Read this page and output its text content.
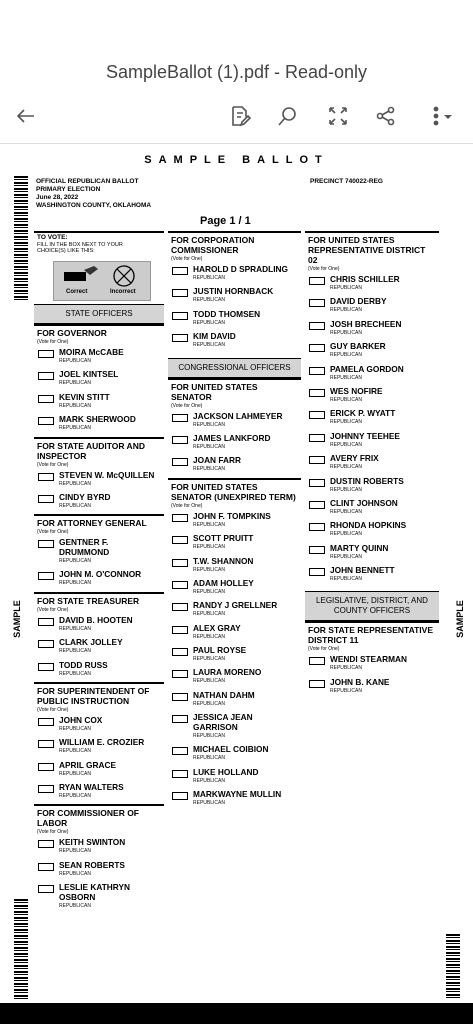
SampleBallot (1).pdf - Read-only
SAMPLE BALLOT
OFFICIAL REPUBLICAN BALLOT
PRIMARY ELECTION
June 28, 2022
WASHINGTON COUNTY, OKLAHOMA
PRECINCT 740022-REG
Page 1 / 1
SAMPLE	SAMPLE
TO VOTE:
FILL IN THE BOX NEXT TO YOUR CHOICE(S) LIKE THIS:
Correct	Incorrect
STATE OFFICERS
FOR GOVERNOR
(Vote for One)
MOIRA McCABE
REPUBLICAN
JOEL KINTSEL
REPUBLICAN
KEVIN STITT
REPUBLICAN
MARK SHERWOOD
REPUBLICAN
FOR STATE AUDITOR AND INSPECTOR
(Vote for One)
STEVEN W. McQUILLEN
REPUBLICAN
CINDY BYRD
REPUBLICAN
FOR ATTORNEY GENERAL
(Vote for One)
GENTNER F. DRUMMOND
REPUBLICAN
JOHN M. O'CONNOR
REPUBLICAN
FOR STATE TREASURER
(Vote for One)
DAVID B. HOOTEN
REPUBLICAN
CLARK JOLLEY
REPUBLICAN
TODD RUSS
REPUBLICAN
FOR SUPERINTENDENT OF PUBLIC INSTRUCTION
(Vote for One)
JOHN COX
REPUBLICAN
WILLIAM E. CROZIER
REPUBLICAN
APRIL GRACE
REPUBLICAN
RYAN WALTERS
REPUBLICAN
FOR COMMISSIONER OF LABOR
(Vote for One)
KEITH SWINTON
REPUBLICAN
SEAN ROBERTS
REPUBLICAN
LESLIE KATHRYN OSBORN
REPUBLICAN
FOR CORPORATION COMMISSIONER
(Vote for One)
HAROLD D SPRADLING
REPUBLICAN
JUSTIN HORNBACK
REPUBLICAN
TODD THOMSEN
REPUBLICAN
KIM DAVID
REPUBLICAN
CONGRESSIONAL OFFICERS
FOR UNITED STATES SENATOR
(Vote for One)
JACKSON LAHMEYER
REPUBLICAN
JAMES LANKFORD
REPUBLICAN
JOAN FARR
REPUBLICAN
FOR UNITED STATES SENATOR (UNEXPIRED TERM)
(Vote for One)
JOHN F. TOMPKINS
REPUBLICAN
SCOTT PRUITT
REPUBLICAN
T.W. SHANNON
REPUBLICAN
ADAM HOLLEY
REPUBLICAN
RANDY J GRELLNER
REPUBLICAN
ALEX GRAY
REPUBLICAN
PAUL ROYSE
REPUBLICAN
LAURA MORENO
REPUBLICAN
NATHAN DAHM
REPUBLICAN
JESSICA JEAN GARRISON
REPUBLICAN
MICHAEL COIBION
REPUBLICAN
LUKE HOLLAND
REPUBLICAN
MARKWAYNE MULLIN
REPUBLICAN
FOR UNITED STATES REPRESENTATIVE DISTRICT 02
(Vote for One)
CHRIS SCHILLER
REPUBLICAN
DAVID DERBY
REPUBLICAN
JOSH BRECHEEN
REPUBLICAN
GUY BARKER
REPUBLICAN
PAMELA GORDON
REPUBLICAN
WES NOFIRE
REPUBLICAN
ERICK P. WYATT
REPUBLICAN
JOHNNY TEEHEE
REPUBLICAN
AVERY FRIX
REPUBLICAN
DUSTIN ROBERTS
REPUBLICAN
CLINT JOHNSON
REPUBLICAN
RHONDA HOPKINS
REPUBLICAN
MARTY QUINN
REPUBLICAN
JOHN BENNETT
REPUBLICAN
LEGISLATIVE, DISTRICT, AND COUNTY OFFICERS
FOR STATE REPRESENTATIVE DISTRICT 11
(Vote for One)
WENDI STEARMAN
REPUBLICAN
JOHN B. KANE
REPUBLICAN
